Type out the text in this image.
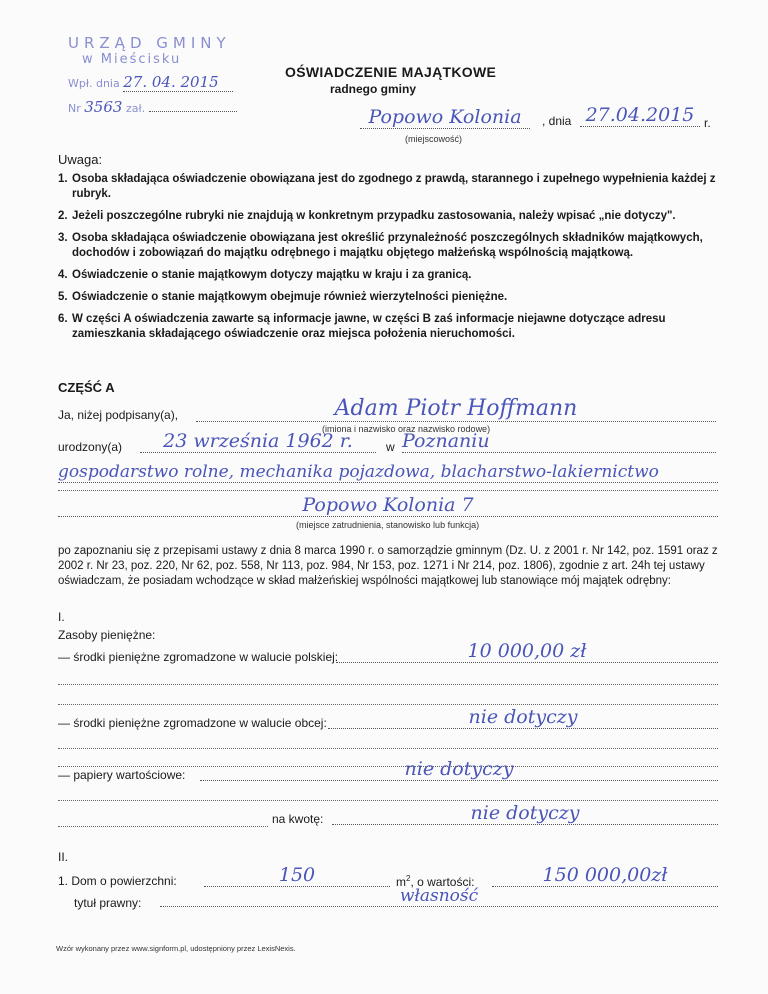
URZĄD GMINY
w Mieścisku
Wpł. dnia 27. 04. 2015
Nr 3563 zał.
OŚWIADCZENIE MAJĄTKOWE
radnego gminy
Popowo Kolonia
(miejscowość)
, dnia 27.04.2015 r.
Uwaga:
1. Osoba składająca oświadczenie obowiązana jest do zgodnego z prawdą, starannego i zupełnego wypełnienia każdej z rubryk.
2. Jeżeli poszczególne rubryki nie znajdują w konkretnym przypadku zastosowania, należy wpisać „nie dotyczy".
3. Osoba składająca oświadczenie obowiązana jest określić przynależność poszczególnych składników majątkowych, dochodów i zobowiązań do majątku odrębnego i majątku objętego małżeńską wspólnością majątkową.
4. Oświadczenie o stanie majątkowym dotyczy majątku w kraju i za granicą.
5. Oświadczenie o stanie majątkowym obejmuje również wierzytelności pieniężne.
6. W części A oświadczenia zawarte są informacje jawne, w części B zaś informacje niejawne dotyczące adresu zamieszkania składającego oświadczenie oraz miejsca położenia nieruchomości.
CZĘŚĆ A
Ja, niżej podpisany(a),	Adam Piotr Hoffmann
(imiona i nazwisko oraz nazwisko rodowe)
urodzony(a)	23 września 1962 r.	w Poznaniu
gospodarstwo rolne, mechanika pojazdowa, blacharstwo-lakiernictwo
Popowo Kolonia 7
(miejsce zatrudnienia, stanowisko lub funkcja)
po zapoznaniu się z przepisami ustawy z dnia 8 marca 1990 r. o samorządzie gminnym (Dz. U. z 2001 r. Nr 142, poz. 1591 oraz z 2002 r. Nr 23, poz. 220, Nr 62, poz. 558, Nr 113, poz. 984, Nr 153, poz. 1271 i Nr 214, poz. 1806), zgodnie z art. 24h tej ustawy oświadczam, że posiadam wchodzące w skład małżeńskiej wspólności majątkowej lub stanowiące mój majątek odrębny:
I.
Zasoby pieniężne:
— środki pieniężne zgromadzone w walucie polskiej:	10 000,00 zł
— środki pieniężne zgromadzone w walucie obcej:	nie dotyczy
— papiery wartościowe:	nie dotyczy
na kwotę:	nie dotyczy
II.
1. Dom o powierzchni:	150	$m^2$, o wartości:	150 000,00zł
tytuł prawny:	własność
Wzór wykonany przez www.signform.pl, udostępniony przez LexisNexis.
